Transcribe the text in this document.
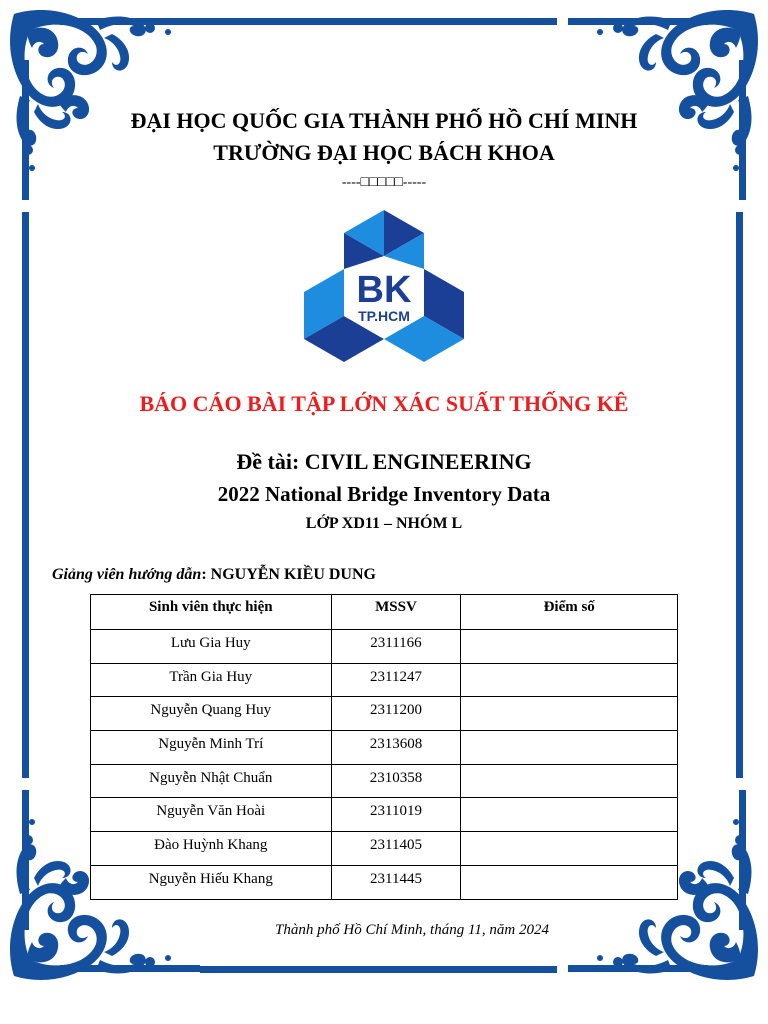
ĐẠI HỌC QUỐC GIA THÀNH PHỐ HỒ CHÍ MINH
TRƯỜNG ĐẠI HỌC BÁCH KHOA
----□□□□□-----
BK
TP.HCM
BÁO CÁO BÀI TẬP LỚN XÁC SUẤT THỐNG KÊ
Đề tài: CIVIL ENGINEERING
2022 National Bridge Inventory Data
LỚP XD11 – NHÓM L
Giảng viên hướng dẫn: NGUYỄN KIỀU DUNG
Sinh viên thực hiện	MSSV	Điểm số
Lưu Gia Huy	2311166	
Trần Gia Huy	2311247	
Nguyễn Quang Huy	2311200	
Nguyễn Minh Trí	2313608	
Nguyễn Nhật Chuẩn	2310358	
Nguyễn Văn Hoài	2311019	
Đào Huỳnh Khang	2311405	
Nguyễn Hiếu Khang	2311445	
Thành phố Hồ Chí Minh, tháng 11, năm 2024
